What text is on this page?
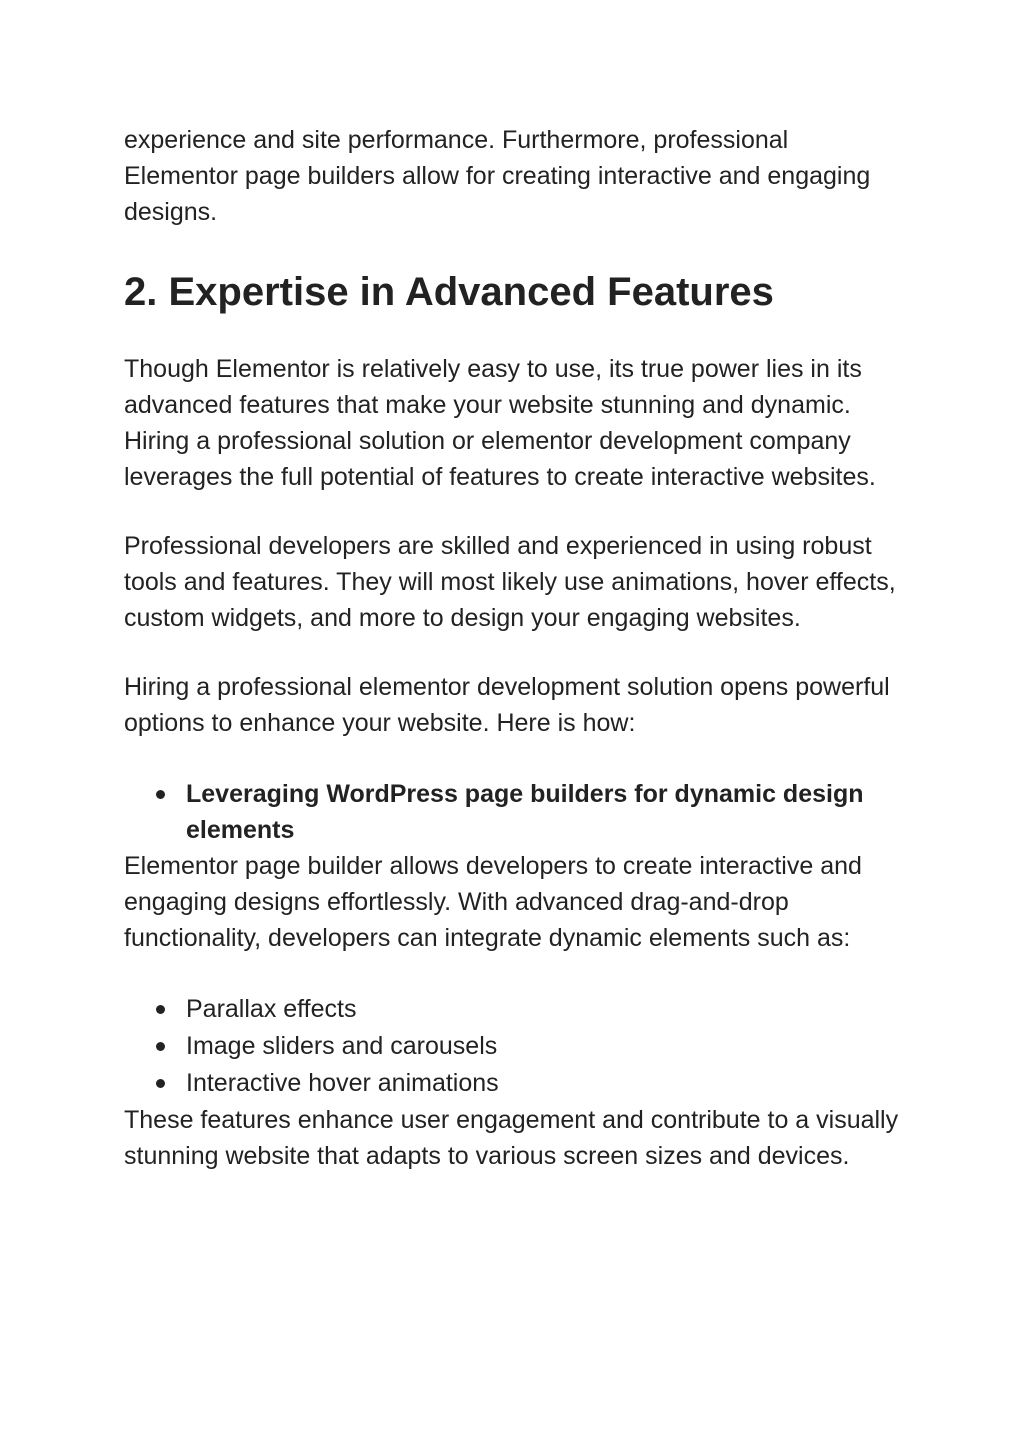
experience and site performance. Furthermore, professional Elementor page builders allow for creating interactive and engaging designs.

2. Expertise in Advanced Features

Though Elementor is relatively easy to use, its true power lies in its advanced features that make your website stunning and dynamic. Hiring a professional solution or elementor development company leverages the full potential of features to create interactive websites.

Professional developers are skilled and experienced in using robust tools and features. They will most likely use animations, hover effects, custom widgets, and more to design your engaging websites.

Hiring a professional elementor development solution opens powerful options to enhance your website. Here is how:

Leveraging WordPress page builders for dynamic design elements

Elementor page builder allows developers to create interactive and engaging designs effortlessly. With advanced drag-and-drop functionality, developers can integrate dynamic elements such as:

Parallax effects
Image sliders and carousels
Interactive hover animations

These features enhance user engagement and contribute to a visually stunning website that adapts to various screen sizes and devices.
